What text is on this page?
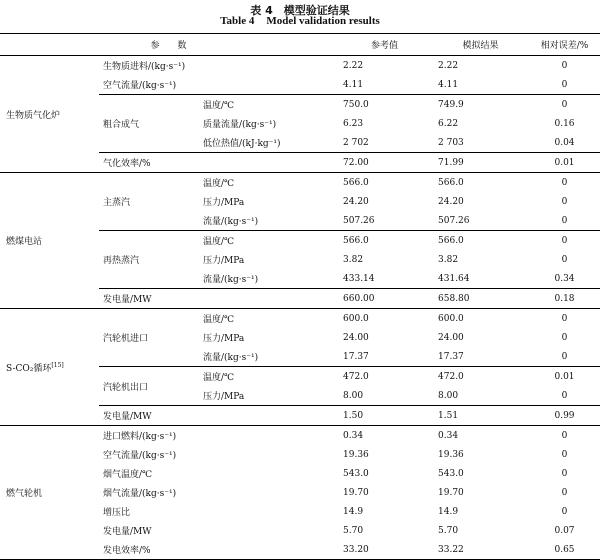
表 4　模型验证结果
Table 4 Model validation results
参　　数			参考值	模拟结果	相对误差/%
生物质气化炉	生物质进料/(kg·s⁻¹)		2.22	2.22	0
	空气流量/(kg·s⁻¹)		4.11	4.11	0
	粗合成气	温度/℃	750.0	749.9	0
		质量流量/(kg·s⁻¹)	6.23	6.22	0.16
		低位热值/(kJ·kg⁻¹)	2 702	2 703	0.04
	气化效率/%		72.00	71.99	0.01
燃煤电站	主蒸汽	温度/℃	566.0	566.0	0
		压力/MPa	24.20	24.20	0
		流量/(kg·s⁻¹)	507.26	507.26	0
	再热蒸汽	温度/℃	566.0	566.0	0
		压力/MPa	3.82	3.82	0
		流量/(kg·s⁻¹)	433.14	431.64	0.34
	发电量/MW		660.00	658.80	0.18
S-CO₂循环[15]	汽轮机进口	温度/℃	600.0	600.0	0
		压力/MPa	24.00	24.00	0
		流量/(kg·s⁻¹)	17.37	17.37	0
	汽轮机出口	温度/℃	472.0	472.0	0.01
		压力/MPa	8.00	8.00	0
	发电量/MW		1.50	1.51	0.99
燃气轮机	进口燃料/(kg·s⁻¹)		0.34	0.34	0
	空气流量/(kg·s⁻¹)		19.36	19.36	0
	烟气温度/℃		543.0	543.0	0
	烟气流量/(kg·s⁻¹)		19.70	19.70	0
	增压比		14.9	14.9	0
	发电量/MW		5.70	5.70	0.07
	发电效率/%		33.20	33.22	0.65
